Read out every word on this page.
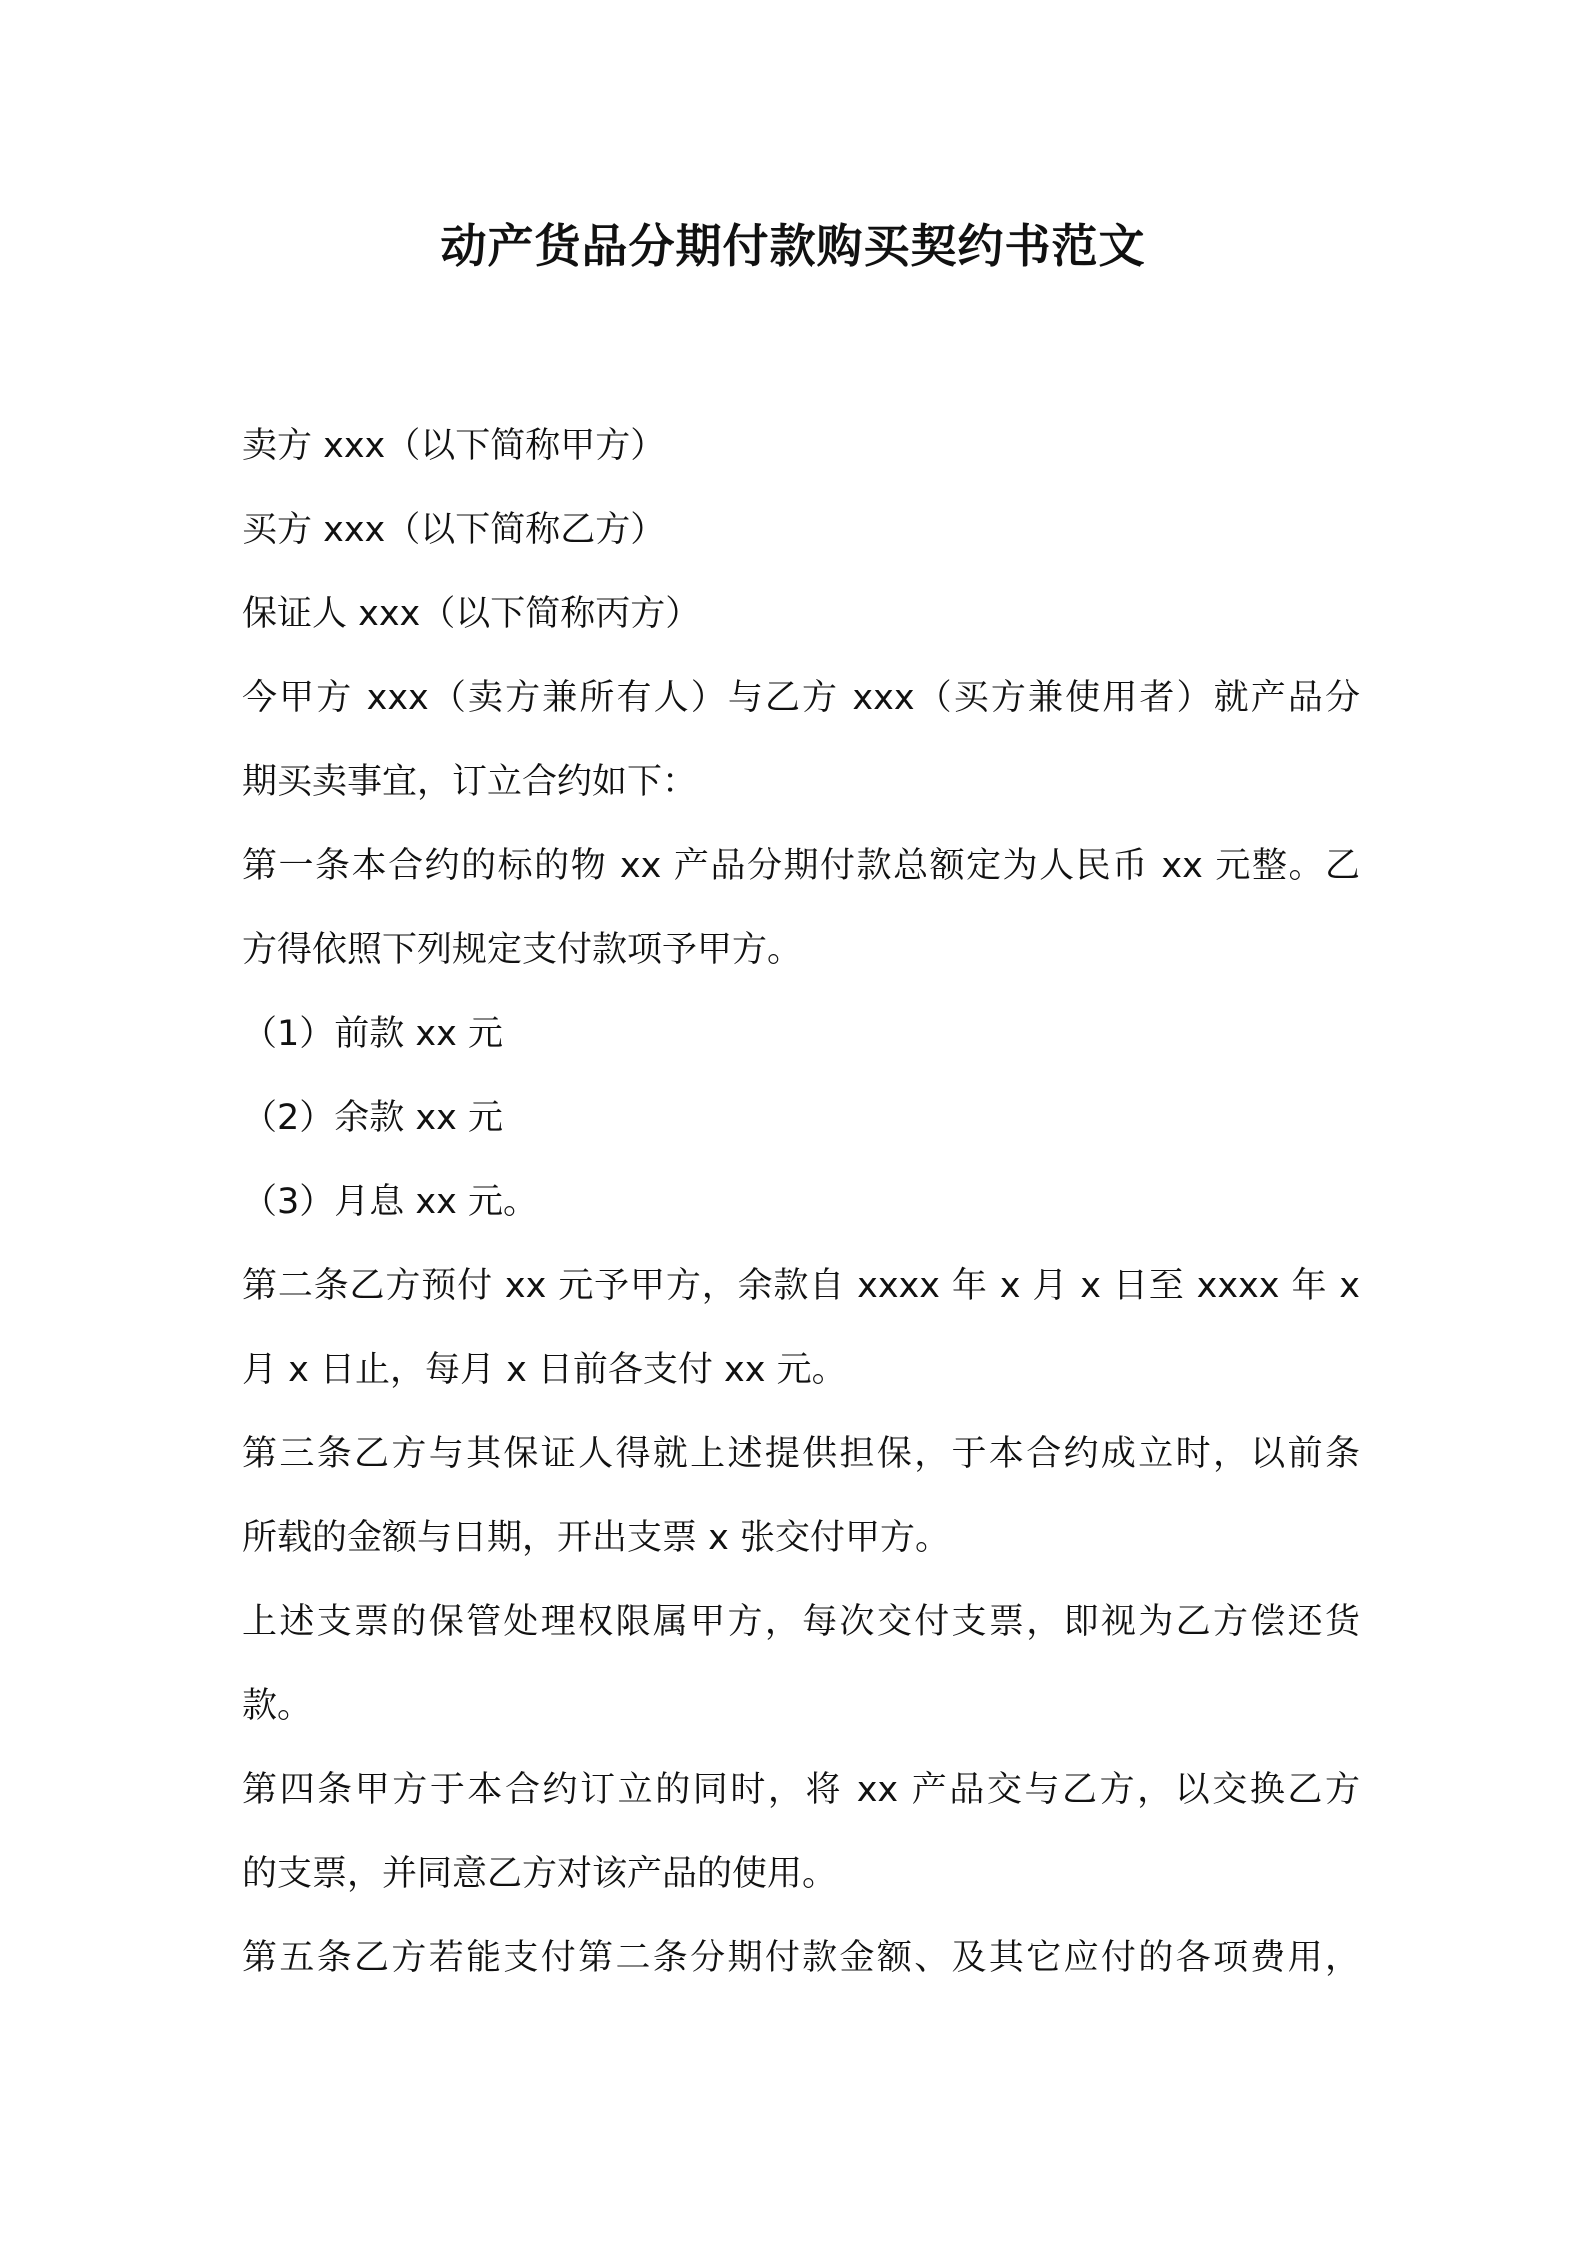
动产货品分期付款购买契约书范文
卖方 xxx（以下简称甲方）
买方 xxx（以下简称乙方）
保证人 xxx（以下简称丙方）
今甲方 xxx（卖方兼所有人）与乙方 xxx（买方兼使用者）就产品分
期买卖事宜，订立合约如下：
第一条本合约的标的物 xx 产品分期付款总额定为人民币 xx 元整。乙
方得依照下列规定支付款项予甲方。
（1）前款 xx 元
（2）余款 xx 元
（3）月息 xx 元。
第二条乙方预付 xx 元予甲方，余款自 xxxx 年 x 月 x 日至 xxxx 年 x
月 x 日止，每月 x 日前各支付 xx 元。
第三条乙方与其保证人得就上述提供担保，于本合约成立时，以前条
所载的金额与日期，开出支票 x 张交付甲方。
上述支票的保管处理权限属甲方，每次交付支票，即视为乙方偿还货
款。
第四条甲方于本合约订立的同时，将 xx 产品交与乙方，以交换乙方
的支票，并同意乙方对该产品的使用。
第五条乙方若能支付第二条分期付款金额、及其它应付的各项费用，
